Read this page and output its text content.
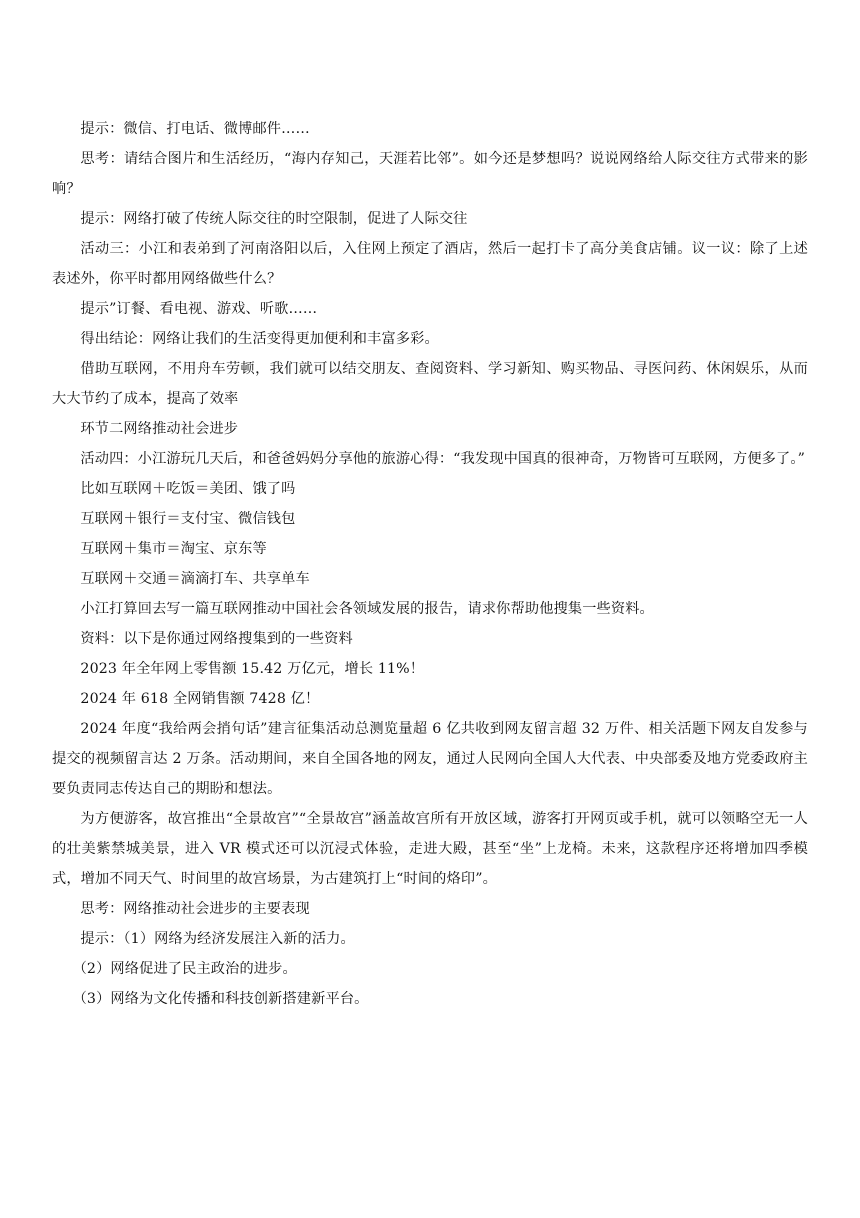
提示：微信、打电话、微博邮件……

思考：请结合图片和生活经历，“海内存知己，天涯若比邻”。如今还是梦想吗？说说网络给人际交往方式带来的影响？

提示：网络打破了传统人际交往的时空限制，促进了人际交往

活动三：小江和表弟到了河南洛阳以后，入住网上预定了酒店，然后一起打卡了高分美食店铺。议一议：除了上述表述外，你平时都用网络做些什么？

提示”订餐、看电视、游戏、听歌……

得出结论：网络让我们的生活变得更加便利和丰富多彩。

借助互联网，不用舟车劳顿，我们就可以结交朋友、查阅资料、学习新知、购买物品、寻医问药、休闲娱乐，从而大大节约了成本，提高了效率

环节二网络推动社会进步

活动四：小江游玩几天后，和爸爸妈妈分享他的旅游心得：“我发现中国真的很神奇，万物皆可互联网，方便多了。”

比如互联网＋吃饭＝美团、饿了吗

互联网＋银行＝支付宝、微信钱包

互联网＋集市＝淘宝、京东等

互联网＋交通＝滴滴打车、共享单车

小江打算回去写一篇互联网推动中国社会各领域发展的报告，请求你帮助他搜集一些资料。

资料：以下是你通过网络搜集到的一些资料

2023 年全年网上零售额 15.42 万亿元，增长 11%！

2024 年 618 全网销售额 7428 亿！

2024 年度“我给两会捎句话”建言征集活动总测览量超 6 亿共收到网友留言超 32 万件、相关活题下网友自发参与提交的视频留言达 2 万条。活动期间，来自全国各地的网友，通过人民网向全国人大代表、中央部委及地方党委政府主要负责同志传达自己的期盼和想法。

为方便游客，故宫推出“全景故宫”“全景故宫”涵盖故宫所有开放区域，游客打开网页或手机，就可以领略空无一人的壮美紫禁城美景，进入 VR 模式还可以沉浸式体验，走进大殿，甚至“坐”上龙椅。未来，这款程序还将增加四季模式，增加不同天气、时间里的故宫场景，为古建筑打上“时间的烙印”。

思考：网络推动社会进步的主要表现

提示：（1）网络为经济发展注入新的活力。

（2）网络促进了民主政治的进步。

（3）网络为文化传播和科技创新搭建新平台。
